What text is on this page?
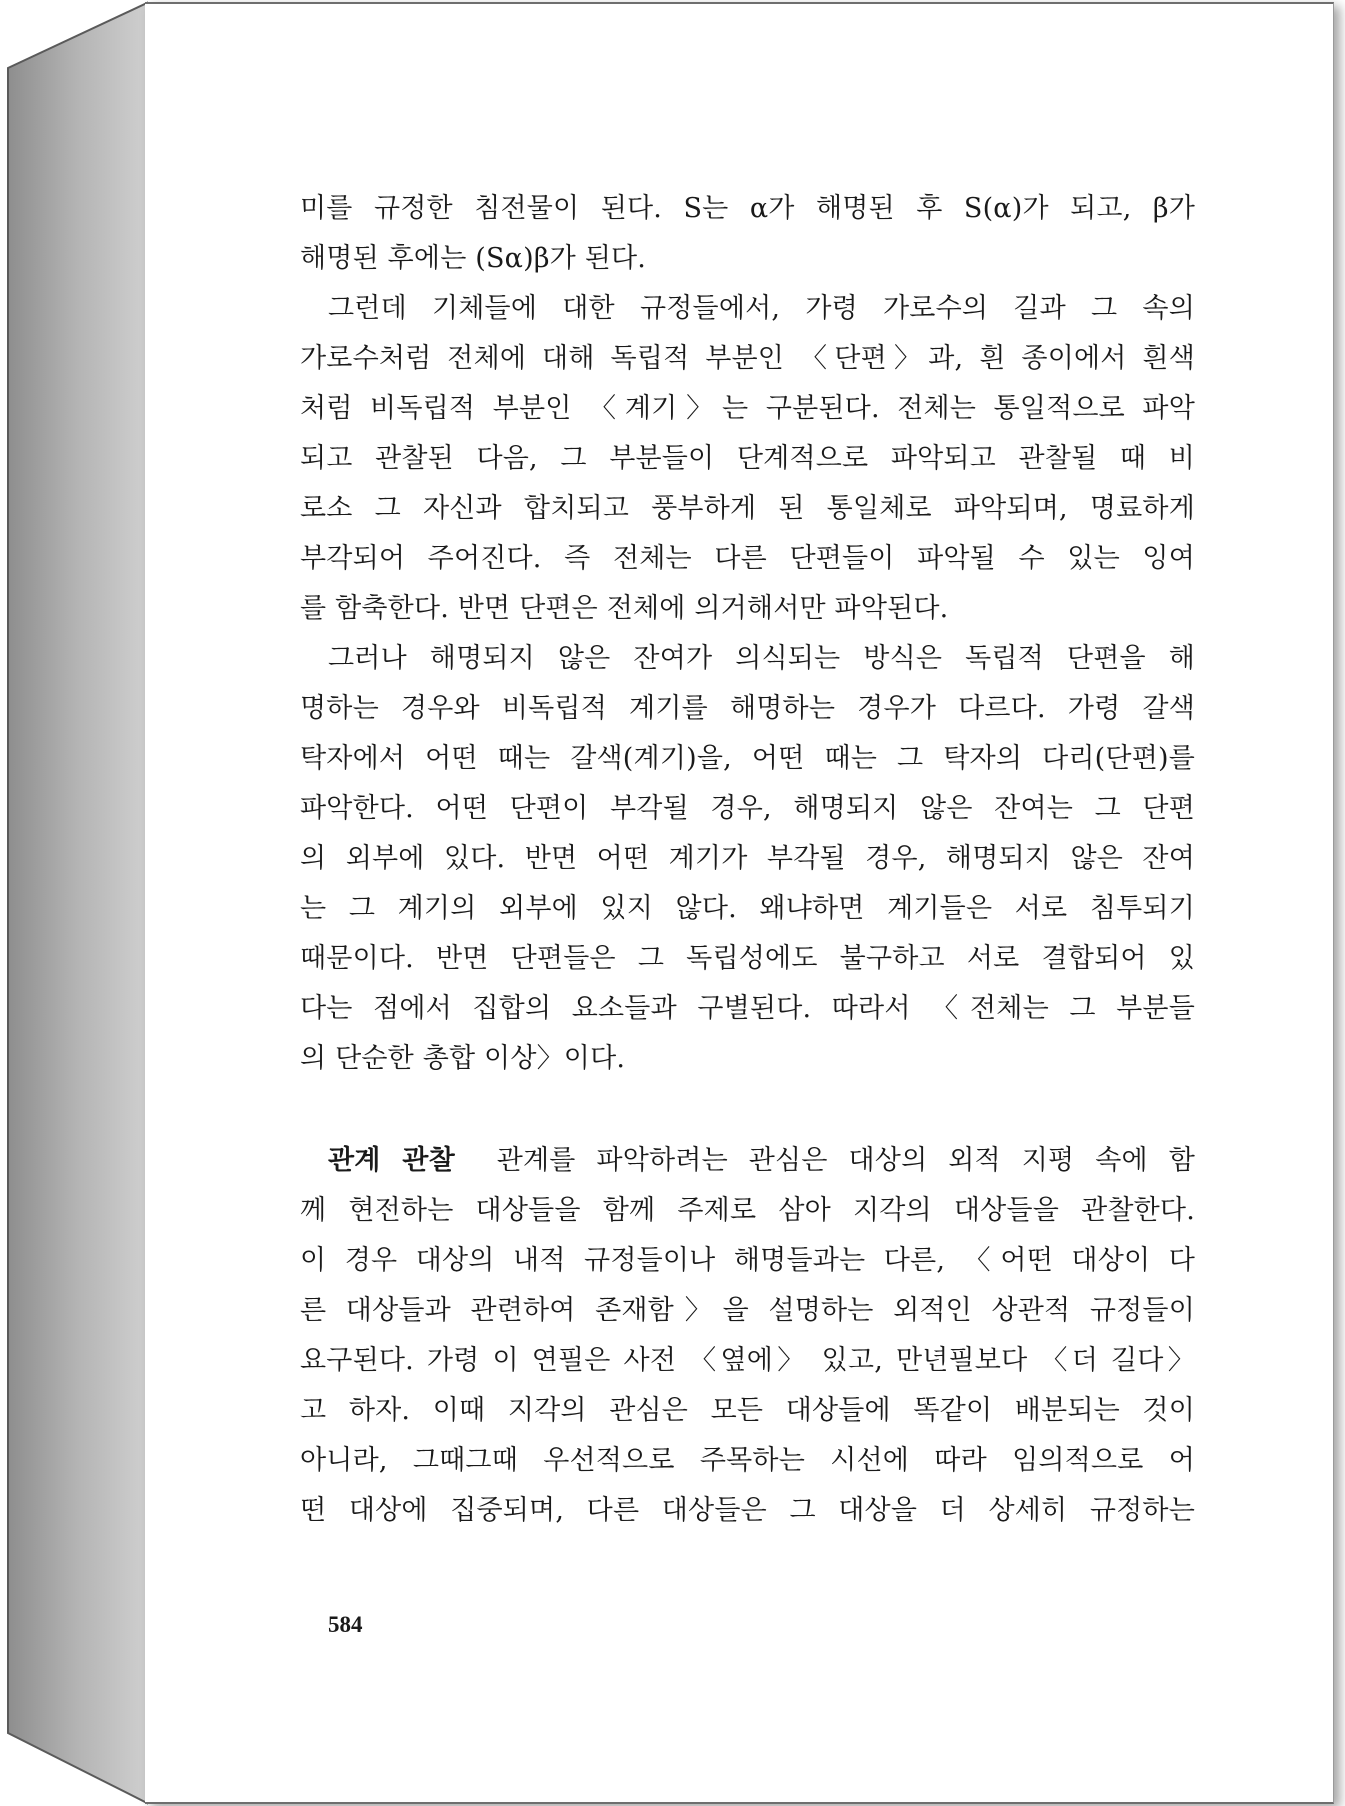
미를 규정한 침전물이 된다. S는 α가 해명된 후 S(α)가 되고, β가
해명된 후에는 (Sα)β가 된다.
그런데 기체들에 대한 규정들에서, 가령 가로수의 길과 그 속의
가로수처럼 전체에 대해 독립적 부분인 〈단편〉과, 흰 종이에서 흰색
처럼 비독립적 부분인 〈계기〉는 구분된다. 전체는 통일적으로 파악
되고 관찰된 다음, 그 부분들이 단계적으로 파악되고 관찰될 때 비
로소 그 자신과 합치되고 풍부하게 된 통일체로 파악되며, 명료하게
부각되어 주어진다. 즉 전체는 다른 단편들이 파악될 수 있는 잉여
를 함축한다. 반면 단편은 전체에 의거해서만 파악된다.
그러나 해명되지 않은 잔여가 의식되는 방식은 독립적 단편을 해
명하는 경우와 비독립적 계기를 해명하는 경우가 다르다. 가령 갈색
탁자에서 어떤 때는 갈색(계기)을, 어떤 때는 그 탁자의 다리(단편)를
파악한다. 어떤 단편이 부각될 경우, 해명되지 않은 잔여는 그 단편
의 외부에 있다. 반면 어떤 계기가 부각될 경우, 해명되지 않은 잔여
는 그 계기의 외부에 있지 않다. 왜냐하면 계기들은 서로 침투되기
때문이다. 반면 단편들은 그 독립성에도 불구하고 서로 결합되어 있
다는 점에서 집합의 요소들과 구별된다. 따라서 〈전체는 그 부분들
의 단순한 총합 이상〉이다.
관계 관찰 관계를 파악하려는 관심은 대상의 외적 지평 속에 함
께 현전하는 대상들을 함께 주제로 삼아 지각의 대상들을 관찰한다.
이 경우 대상의 내적 규정들이나 해명들과는 다른, 〈어떤 대상이 다
른 대상들과 관련하여 존재함〉을 설명하는 외적인 상관적 규정들이
요구된다. 가령 이 연필은 사전 〈옆에〉 있고, 만년필보다 〈더 길다〉
고 하자. 이때 지각의 관심은 모든 대상들에 똑같이 배분되는 것이
아니라, 그때그때 우선적으로 주목하는 시선에 따라 임의적으로 어
떤 대상에 집중되며, 다른 대상들은 그 대상을 더 상세히 규정하는
584
